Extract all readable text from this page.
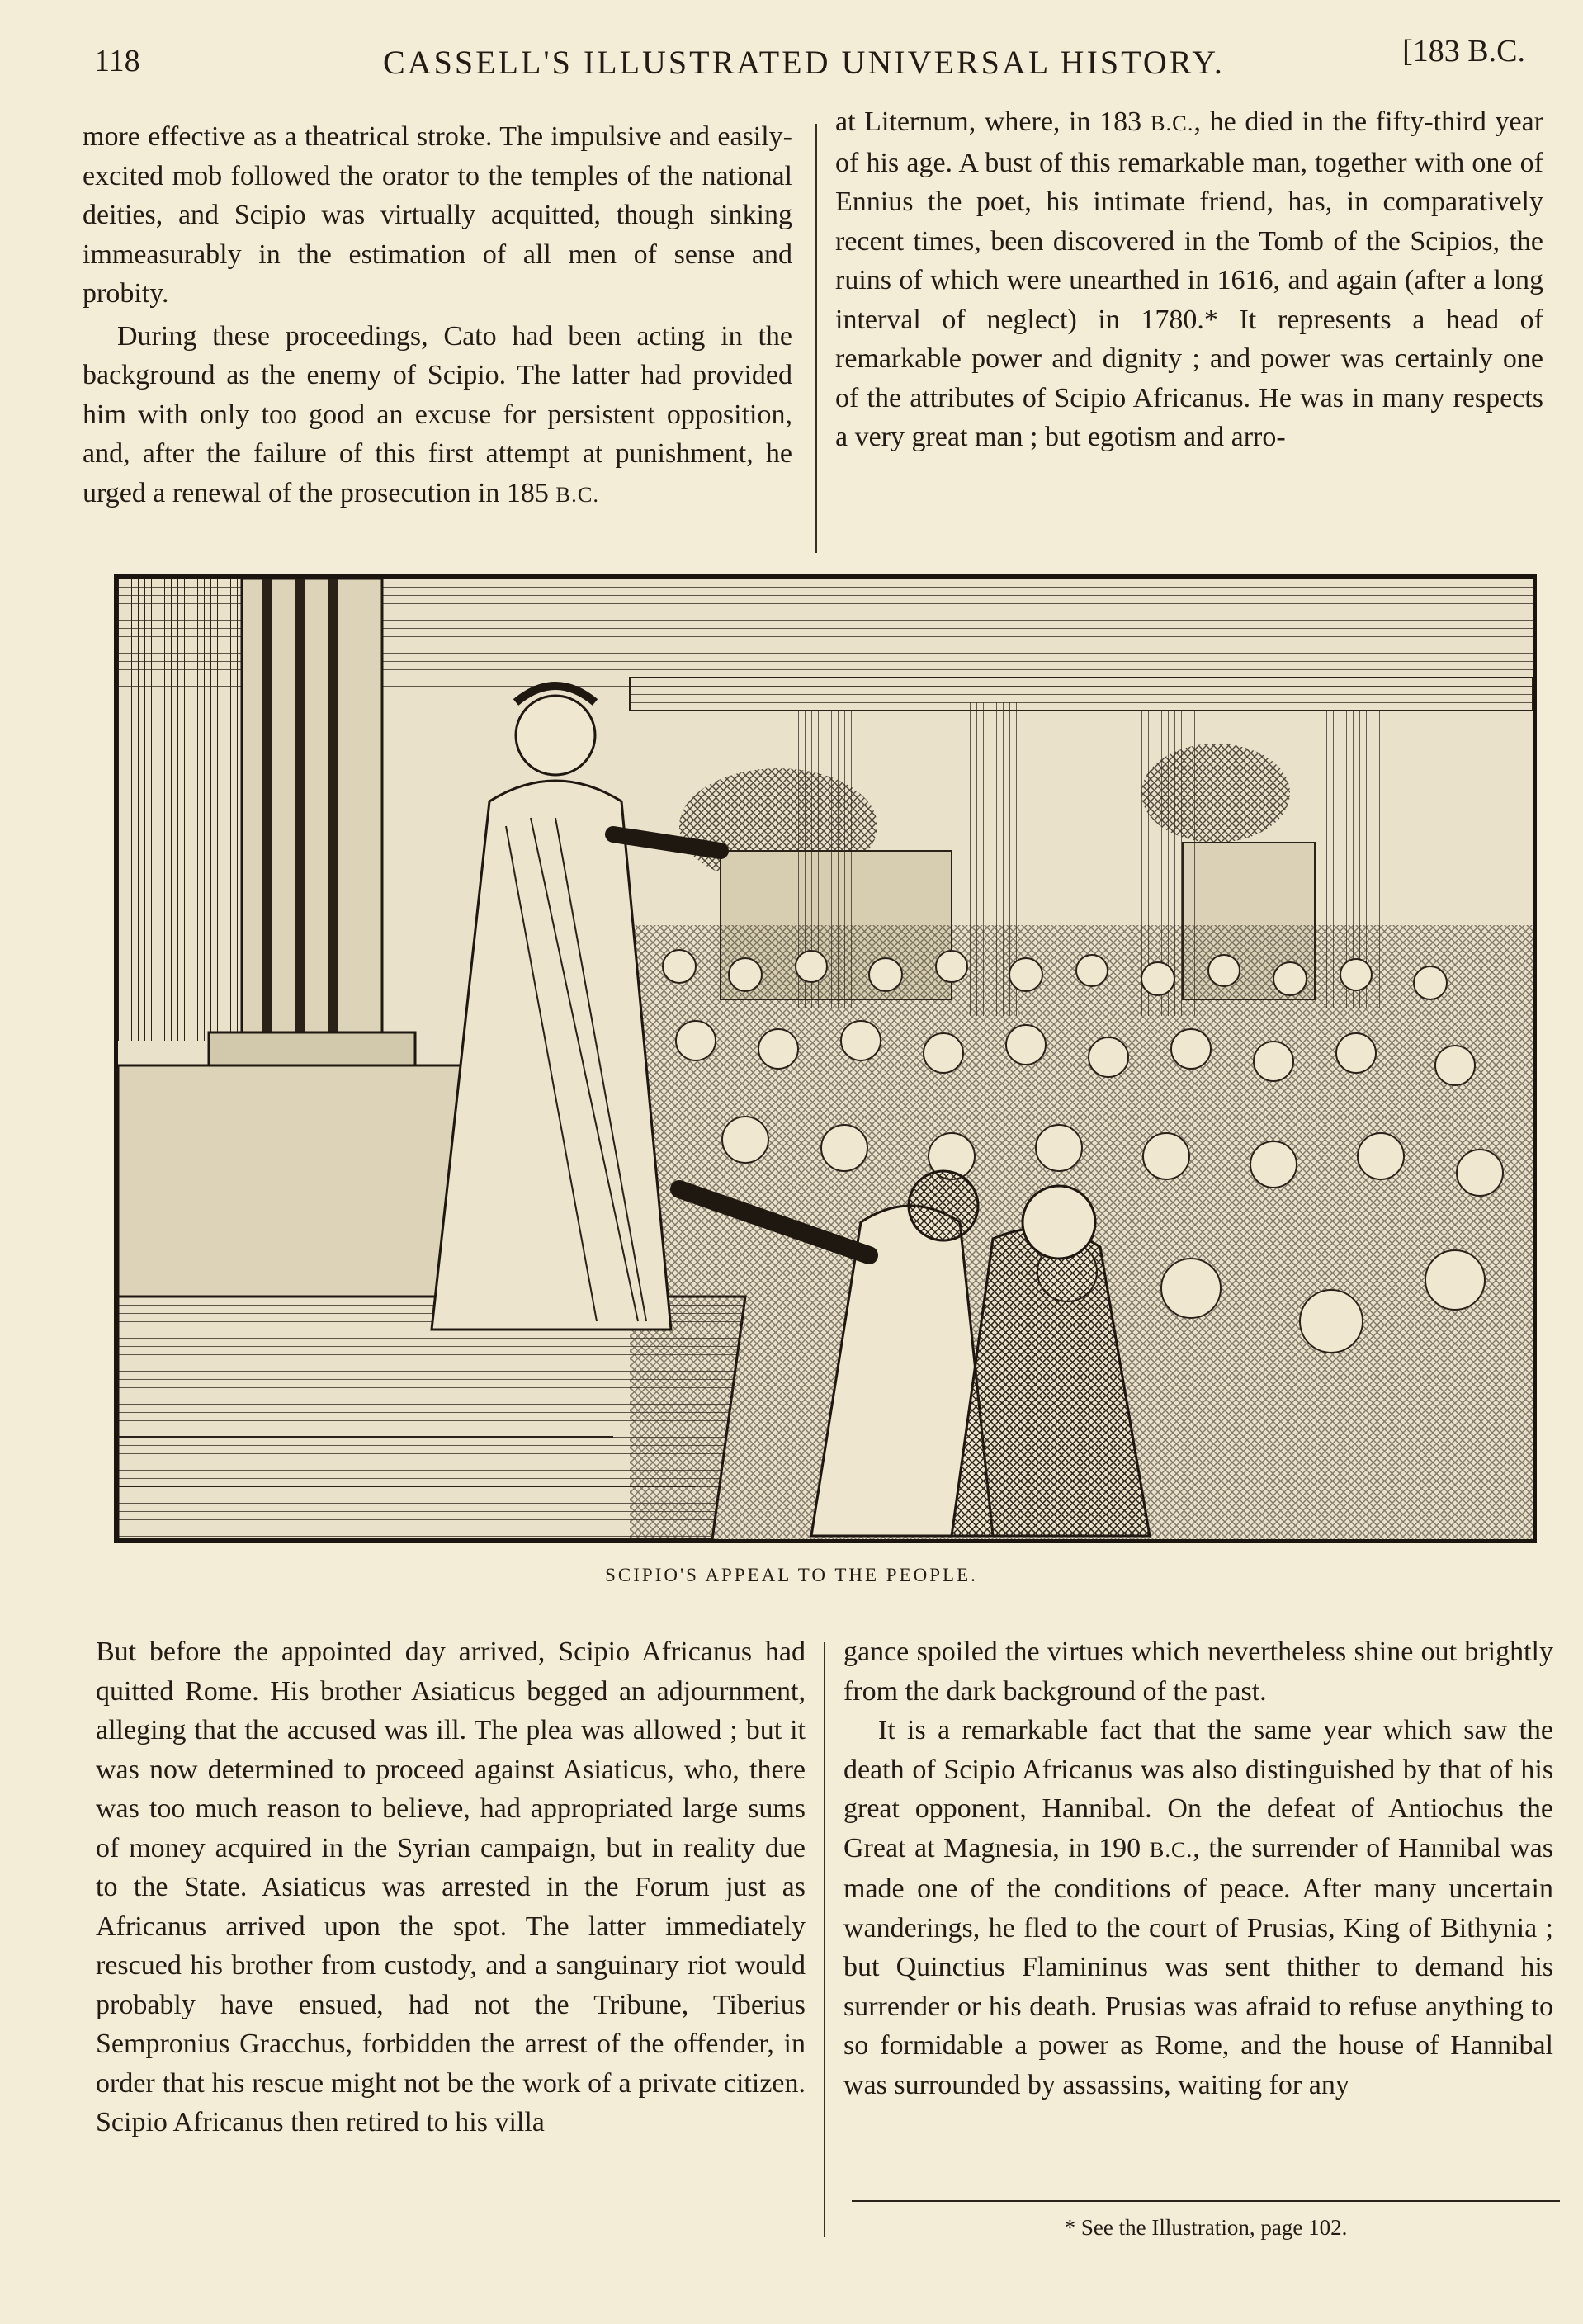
118	CASSELL'S ILLUSTRATED UNIVERSAL HISTORY.	[183 B.C.

more effective as a theatrical stroke. The impulsive and easily-excited mob followed the orator to the temples of the national deities, and Scipio was virtually acquitted, though sinking immeasurably in the estimation of all men of sense and probity.

During these proceedings, Cato had been acting in the background as the enemy of Scipio. The latter had provided him with only too good an excuse for persistent opposition, and, after the failure of this first attempt at punishment, he urged a renewal of the prosecution in 185 B.C.

at Liternum, where, in 183 B.C., he died in the fifty-third year of his age. A bust of this remarkable man, together with one of Ennius the poet, his intimate friend, has, in comparatively recent times, been discovered in the Tomb of the Scipios, the ruins of which were unearthed in 1616, and again (after a long interval of neglect) in 1780.* It represents a head of remarkable power and dignity ; and power was certainly one of the attributes of Scipio Africanus. He was in many respects a very great man ; but egotism and arro-

SCIPIO'S APPEAL TO THE PEOPLE.

But before the appointed day arrived, Scipio Africanus had quitted Rome. His brother Asiaticus begged an adjournment, alleging that the accused was ill. The plea was allowed ; but it was now determined to proceed against Asiaticus, who, there was too much reason to believe, had appropriated large sums of money acquired in the Syrian campaign, but in reality due to the State. Asiaticus was arrested in the Forum just as Africanus arrived upon the spot. The latter immediately rescued his brother from custody, and a sanguinary riot would probably have ensued, had not the Tribune, Tiberius Sempronius Gracchus, forbidden the arrest of the offender, in order that his rescue might not be the work of a private citizen. Scipio Africanus then retired to his villa

gance spoiled the virtues which nevertheless shine out brightly from the dark background of the past.

It is a remarkable fact that the same year which saw the death of Scipio Africanus was also distinguished by that of his great opponent, Hannibal. On the defeat of Antiochus the Great at Magnesia, in 190 B.C., the surrender of Hannibal was made one of the conditions of peace. After many uncertain wanderings, he fled to the court of Prusias, King of Bithynia ; but Quinctius Flamininus was sent thither to demand his surrender or his death. Prusias was afraid to refuse anything to so formidable a power as Rome, and the house of Hannibal was surrounded by assassins, waiting for any

* See the Illustration, page 102.
